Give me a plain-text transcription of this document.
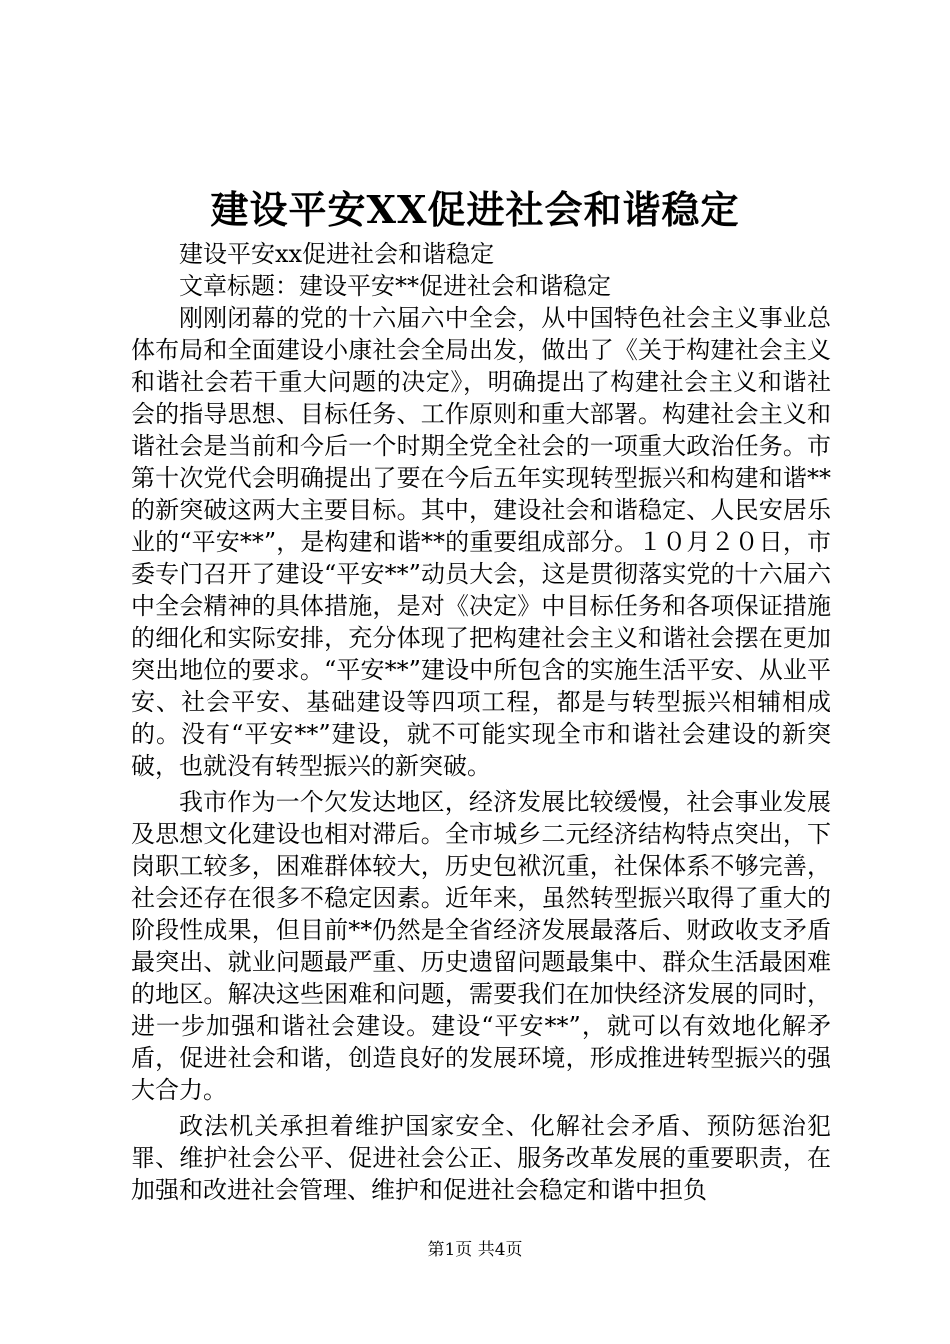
建设平安XX促进社会和谐稳定

建设平安xx促进社会和谐稳定

文章标题：建设平安**促进社会和谐稳定

刚刚闭幕的党的十六届六中全会，从中国特色社会主义事业总体布局和全面建设小康社会全局出发，做出了《关于构建社会主义和谐社会若干重大问题的决定》，明确提出了构建社会主义和谐社会的指导思想、目标任务、工作原则和重大部署。构建社会主义和谐社会是当前和今后一个时期全党全社会的一项重大政治任务。市第十次党代会明确提出了要在今后五年实现转型振兴和构建和谐**的新突破这两大主要目标。其中，建设社会和谐稳定、人民安居乐业的“平安**”，是构建和谐**的重要组成部分。１０月２０日，市委专门召开了建设“平安**”动员大会，这是贯彻落实党的十六届六中全会精神的具体措施，是对《决定》中目标任务和各项保证措施的细化和实际安排，充分体现了把构建社会主义和谐社会摆在更加突出地位的要求。“平安**”建设中所包含的实施生活平安、从业平安、社会平安、基础建设等四项工程，都是与转型振兴相辅相成的。没有“平安**”建设，就不可能实现全市和谐社会建设的新突破，也就没有转型振兴的新突破。

我市作为一个欠发达地区，经济发展比较缓慢，社会事业发展及思想文化建设也相对滞后。全市城乡二元经济结构特点突出，下岗职工较多，困难群体较大，历史包袱沉重，社保体系不够完善，社会还存在很多不稳定因素。近年来，虽然转型振兴取得了重大的阶段性成果，但目前**仍然是全省经济发展最落后、财政收支矛盾最突出、就业问题最严重、历史遗留问题最集中、群众生活最困难的地区。解决这些困难和问题，需要我们在加快经济发展的同时，进一步加强和谐社会建设。建设“平安**”，就可以有效地化解矛盾，促进社会和谐，创造良好的发展环境，形成推进转型振兴的强大合力。

政法机关承担着维护国家安全、化解社会矛盾、预防惩治犯罪、维护社会公平、促进社会公正、服务改革发展的重要职责，在加强和改进社会管理、维护和促进社会稳定和谐中担负

第1页 共4页
